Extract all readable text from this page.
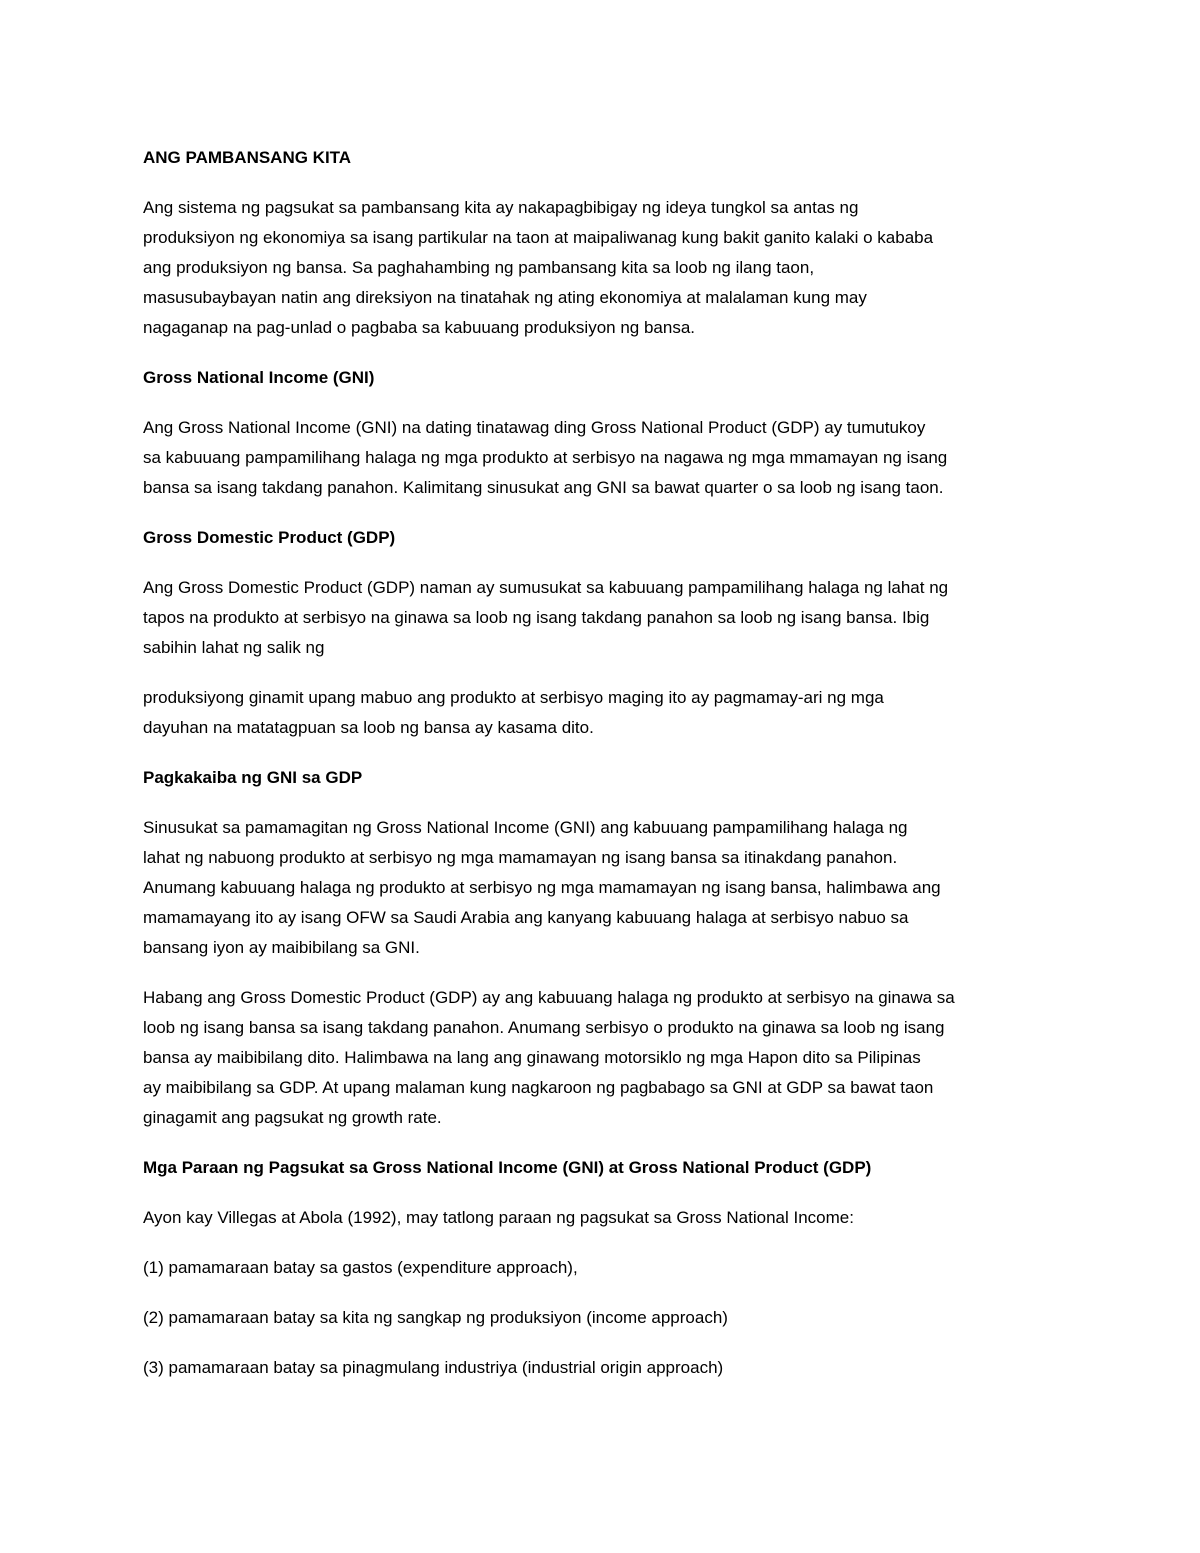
ANG PAMBANSANG KITA
Ang sistema ng pagsukat sa pambansang kita ay nakapagbibigay ng ideya tungkol sa antas ng
produksiyon ng ekonomiya sa isang partikular na taon at maipaliwanag kung bakit ganito kalaki o kababa
ang produksiyon ng bansa. Sa paghahambing ng pambansang kita sa loob ng ilang taon,
masusubaybayan natin ang direksiyon na tinatahak ng ating ekonomiya at malalaman kung may
nagaganap na pag-unlad o pagbaba sa kabuuang produksiyon ng bansa.
Gross National Income (GNI)
Ang Gross National Income (GNI) na dating tinatawag ding Gross National Product (GDP) ay tumutukoy
sa kabuuang pampamilihang halaga ng mga produkto at serbisyo na nagawa ng mga mmamayan ng isang
bansa sa isang takdang panahon. Kalimitang sinusukat ang GNI sa bawat quarter o sa loob ng isang taon.
Gross Domestic Product (GDP)
Ang Gross Domestic Product (GDP) naman ay sumusukat sa kabuuang pampamilihang halaga ng lahat ng
tapos na produkto at serbisyo na ginawa sa loob ng isang takdang panahon sa loob ng isang bansa. Ibig
sabihin lahat ng salik ng
produksiyong ginamit upang mabuo ang produkto at serbisyo maging ito ay pagmamay-ari ng mga
dayuhan na matatagpuan sa loob ng bansa ay kasama dito.
Pagkakaiba ng GNI sa GDP
Sinusukat sa pamamagitan ng Gross National Income (GNI) ang kabuuang pampamilihang halaga ng
lahat ng nabuong produkto at serbisyo ng mga mamamayan ng isang bansa sa itinakdang panahon.
Anumang kabuuang halaga ng produkto at serbisyo ng mga mamamayan ng isang bansa, halimbawa ang
mamamayang ito ay isang OFW sa Saudi Arabia ang kanyang kabuuang halaga at serbisyo nabuo sa
bansang iyon ay maibibilang sa GNI.
Habang ang Gross Domestic Product (GDP) ay ang kabuuang halaga ng produkto at serbisyo na ginawa sa
loob ng isang bansa sa isang takdang panahon. Anumang serbisyo o produkto na ginawa sa loob ng isang
bansa ay maibibilang dito. Halimbawa na lang ang ginawang motorsiklo ng mga Hapon dito sa Pilipinas
ay maibibilang sa GDP. At upang malaman kung nagkaroon ng pagbabago sa GNI at GDP sa bawat taon
ginagamit ang pagsukat ng growth rate.
Mga Paraan ng Pagsukat sa Gross National Income (GNI) at Gross National Product (GDP)
Ayon kay Villegas at Abola (1992), may tatlong paraan ng pagsukat sa Gross National Income:
(1) pamamaraan batay sa gastos (expenditure approach),
(2) pamamaraan batay sa kita ng sangkap ng produksiyon (income approach)
(3) pamamaraan batay sa pinagmulang industriya (industrial origin approach)
